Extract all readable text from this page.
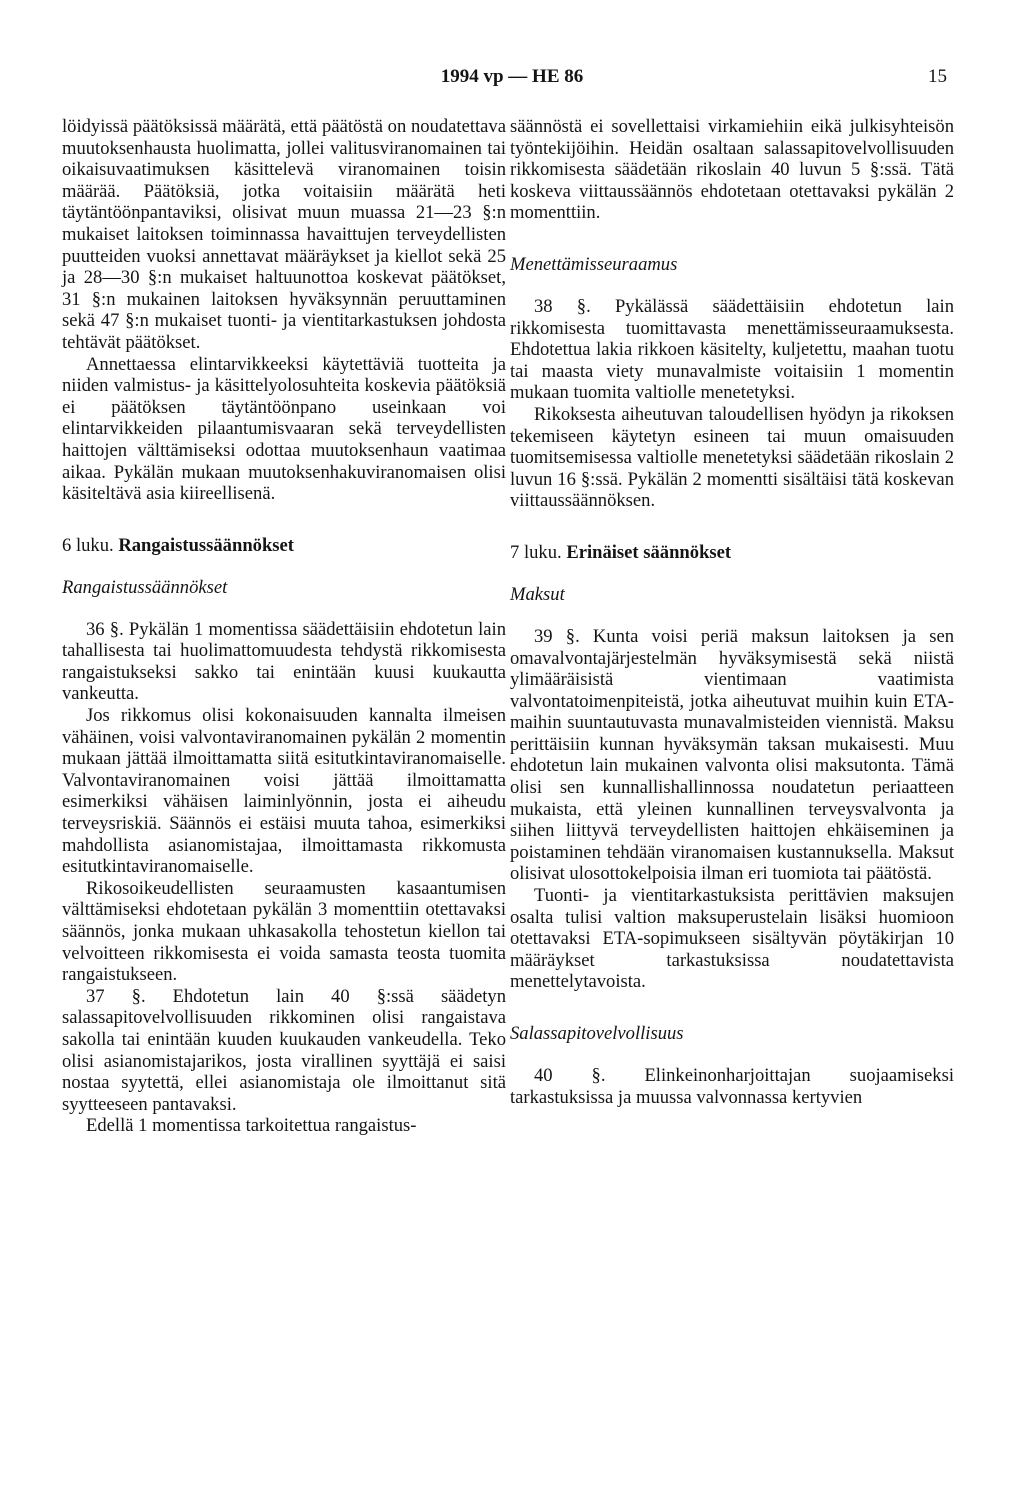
1994 vp — HE 86	15

löidyissä päätöksissä määrätä, että päätöstä on noudatettava muutoksenhausta huolimatta, jollei valitusviranomainen tai oikaisuvaatimuksen käsittelevä viranomainen toisin määrää. Päätöksiä, jotka voitaisiin määrätä heti täytäntöönpantaviksi, olisivat muun muassa 21—23 §:n mukaiset laitoksen toiminnassa havaittujen terveydellisten puutteiden vuoksi annettavat määräykset ja kiellot sekä 25 ja 28—30 §:n mukaiset haltuunottoa koskevat päätökset, 31 §:n mukainen laitoksen hyväksynnän peruuttaminen sekä 47 §:n mukaiset tuonti- ja vientitarkastuksen johdosta tehtävät päätökset.

Annettaessa elintarvikkeeksi käytettäviä tuotteita ja niiden valmistus- ja käsittelyolosuhteita koskevia päätöksiä ei päätöksen täytäntöönpano useinkaan voi elintarvikkeiden pilaantumisvaaran sekä terveydellisten haittojen välttämiseksi odottaa muutoksenhaun vaatimaa aikaa. Pykälän mukaan muutoksenhakuviranomaisen olisi käsiteltävä asia kiireellisenä.

6 luku. Rangaistussäännökset
Rangaistussäännökset

36 §. Pykälän 1 momentissa säädettäisiin ehdotetun lain tahallisesta tai huolimattomuudesta tehdystä rikkomisesta rangaistukseksi sakko tai enintään kuusi kuukautta vankeutta.

Jos rikkomus olisi kokonaisuuden kannalta ilmeisen vähäinen, voisi valvontaviranomainen pykälän 2 momentin mukaan jättää ilmoittamatta siitä esitutkintaviranomaiselle. Valvontaviranomainen voisi jättää ilmoittamatta esimerkiksi vähäisen laiminlyönnin, josta ei aiheudu terveysriskiä. Säännös ei estäisi muuta tahoa, esimerkiksi mahdollista asianomistajaa, ilmoittamasta rikkomusta esitutkintaviranomaiselle.

Rikosoikeudellisten seuraamusten kasaantumisen välttämiseksi ehdotetaan pykälän 3 momenttiin otettavaksi säännös, jonka mukaan uhkasakolla tehostetun kiellon tai velvoitteen rikkomisesta ei voida samasta teosta tuomita rangaistukseen.

37 §. Ehdotetun lain 40 §:ssä säädetyn salassapitovelvollisuuden rikkominen olisi rangaistava sakolla tai enintään kuuden kuukauden vankeudella. Teko olisi asianomistajarikos, josta virallinen syyttäjä ei saisi nostaa syytettä, ellei asianomistaja ole ilmoittanut sitä syytteeseen pantavaksi.

Edellä 1 momentissa tarkoitettua rangaistus-

säännöstä ei sovellettaisi virkamiehiin eikä julkisyhteisön työntekijöihin. Heidän osaltaan salassapitovelvollisuuden rikkomisesta säädetään rikoslain 40 luvun 5 §:ssä. Tätä koskeva viittaussäännös ehdotetaan otettavaksi pykälän 2 momenttiin.

Menettämisseuraamus

38 §. Pykälässä säädettäisiin ehdotetun lain rikkomisesta tuomittavasta menettämisseuraamuksesta. Ehdotettua lakia rikkoen käsitelty, kuljetettu, maahan tuotu tai maasta viety munavalmiste voitaisiin 1 momentin mukaan tuomita valtiolle menetetyksi.

Rikoksesta aiheutuvan taloudellisen hyödyn ja rikoksen tekemiseen käytetyn esineen tai muun omaisuuden tuomitsemisessa valtiolle menetetyksi säädetään rikoslain 2 luvun 16 §:ssä. Pykälän 2 momentti sisältäisi tätä koskevan viittaussäännöksen.

7 luku. Erinäiset säännökset
Maksut

39 §. Kunta voisi periä maksun laitoksen ja sen omavalvontajärjestelmän hyväksymisestä sekä niistä ylimääräisistä vientimaan vaatimista valvontatoimenpiteistä, jotka aiheutuvat muihin kuin ETA-maihin suuntautuvasta munavalmisteiden viennistä. Maksu perittäisiin kunnan hyväksymän taksan mukaisesti. Muu ehdotetun lain mukainen valvonta olisi maksutonta. Tämä olisi sen kunnallishallinnossa noudatetun periaatteen mukaista, että yleinen kunnallinen terveysvalvonta ja siihen liittyvä terveydellisten haittojen ehkäiseminen ja poistaminen tehdään viranomaisen kustannuksella. Maksut olisivat ulosottokelpoisia ilman eri tuomiota tai päätöstä.

Tuonti- ja vientitarkastuksista perittävien maksujen osalta tulisi valtion maksuperustelain lisäksi huomioon otettavaksi ETA-sopimukseen sisältyvän pöytäkirjan 10 määräykset tarkastuksissa noudatettavista menettelytavoista.

Salassapitovelvollisuus

40 §. Elinkeinonharjoittajan suojaamiseksi tarkastuksissa ja muussa valvonnassa kertyvien
